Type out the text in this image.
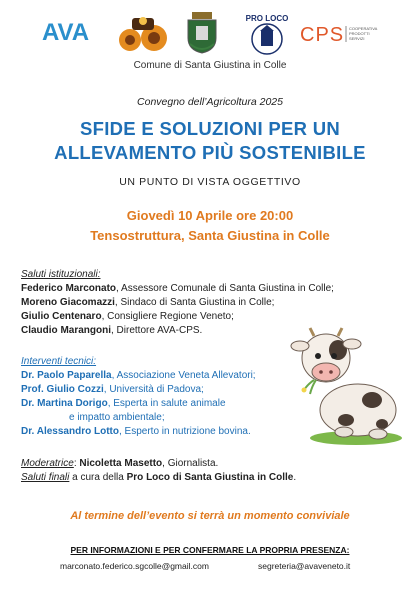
AVA
PRO LOCO
CPS COOPERATIVA
PRODOTTI
SERVIZI
Comune di Santa Giustina in Colle
Convegno dell’Agricoltura 2025
SFIDE E SOLUZIONI PER UN
ALLEVAMENTO PIÙ SOSTENIBILE
UN PUNTO DI VISTA OGGETTIVO
Giovedì 10 Aprile ore 20:00
Tensostruttura, Santa Giustina in Colle
Saluti istituzionali:
Federico Marconato, Assessore Comunale di Santa Giustina in Colle;
Moreno Giacomazzi, Sindaco di Santa Giustina in Colle;
Giulio Centenaro, Consigliere Regione Veneto;
Claudio Marangoni, Direttore AVA-CPS.
Interventi tecnici:
Dr. Paolo Paparella, Associazione Veneta Allevatori;
Prof. Giulio Cozzi, Università di Padova;
Dr. Martina Dorigo, Esperta in salute animale
e impatto ambientale;
Dr. Alessandro Lotto, Esperto in nutrizione bovina.
Moderatrice: Nicoletta Masetto, Giornalista.
Saluti finali a cura della Pro Loco di Santa Giustina in Colle.
Al termine dell’evento si terrà un momento conviviale
PER INFORMAZIONI E PER CONFERMARE LA PROPRIA PRESENZA:
marconato.federico.sgcolle@gmail.com	segreteria@avaveneto.it
